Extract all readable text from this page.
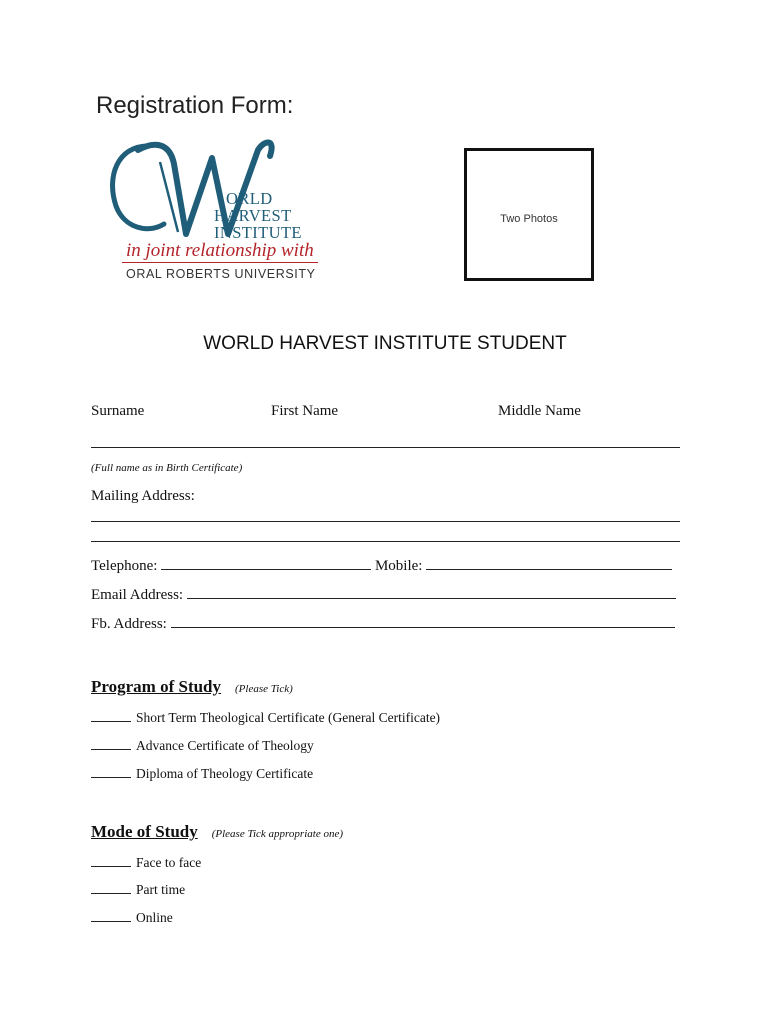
Registration Form:
ORLD
HARVEST
INSTITUTE
in joint relationship with
ORAL ROBERTS UNIVERSITY
Two Photos
WORLD HARVEST INSTITUTE STUDENT
Surname	First Name	Middle Name
(Full name as in Birth Certificate)
Mailing Address:
Telephone:	Mobile:
Email Address:
Fb. Address:
Program of Study	(Please Tick)
Short Term Theological Certificate (General Certificate)
Advance Certificate of Theology
Diploma of Theology Certificate
Mode of Study	(Please Tick appropriate one)
Face to face
Part time
Online
